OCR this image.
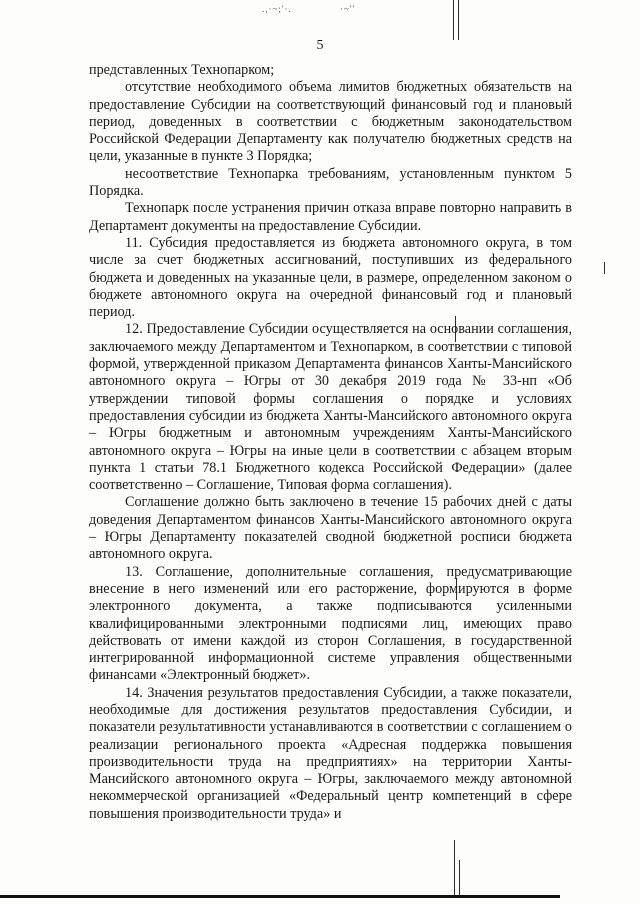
.,·~;'·.	·~''
5

представленных Технопарком;

отсутствие необходимого объема лимитов бюджетных обязательств на предоставление Субсидии на соответствующий финансовый год и плановый период, доведенных в соответствии с бюджетным законодательством Российской Федерации Департаменту как получателю бюджетных средств на цели, указанные в пункте 3 Порядка;

несоответствие Технопарка требованиям, установленным пунктом 5 Порядка.

Технопарк после устранения причин отказа вправе повторно направить в Департамент документы на предоставление Субсидии.

11. Субсидия предоставляется из бюджета автономного округа, в том числе за счет бюджетных ассигнований, поступивших из федерального бюджета и доведенных на указанные цели, в размере, определенном законом о бюджете автономного округа на очередной финансовый год и плановый период.

12. Предоставление Субсидии осуществляется на основании соглашения, заключаемого между Департаментом и Технопарком, в соответствии с типовой формой, утвержденной приказом Департамента финансов Ханты-Мансийского автономного округа – Югры от 30 декабря 2019 года № 33-нп «Об утверждении типовой формы соглашения о порядке и условиях предоставления субсидии из бюджета Ханты-Мансийского автономного округа – Югры бюджетным и автономным учреждениям Ханты-Мансийского автономного округа – Югры на иные цели в соответствии с абзацем вторым пункта 1 статьи 78.1 Бюджетного кодекса Российской Федерации» (далее соответственно – Соглашение, Типовая форма соглашения).

Соглашение должно быть заключено в течение 15 рабочих дней с даты доведения Департаментом финансов Ханты-Мансийского автономного округа – Югры Департаменту показателей сводной бюджетной росписи бюджета автономного округа.

13. Соглашение, дополнительные соглашения, предусматривающие внесение в него изменений или его расторжение, формируются в форме электронного документа, а также подписываются усиленными квалифицированными электронными подписями лиц, имеющих право действовать от имени каждой из сторон Соглашения, в государственной интегрированной информационной системе управления общественными финансами «Электронный бюджет».

14. Значения результатов предоставления Субсидии, а также показатели, необходимые для достижения результатов предоставления Субсидии, и показатели результативности устанавливаются в соответствии с соглашением о реализации регионального проекта «Адресная поддержка повышения производительности труда на предприятиях» на территории Ханты-Мансийского автономного округа – Югры, заключаемого между автономной некоммерческой организацией «Федеральный центр компетенций в сфере повышения производительности труда» и
